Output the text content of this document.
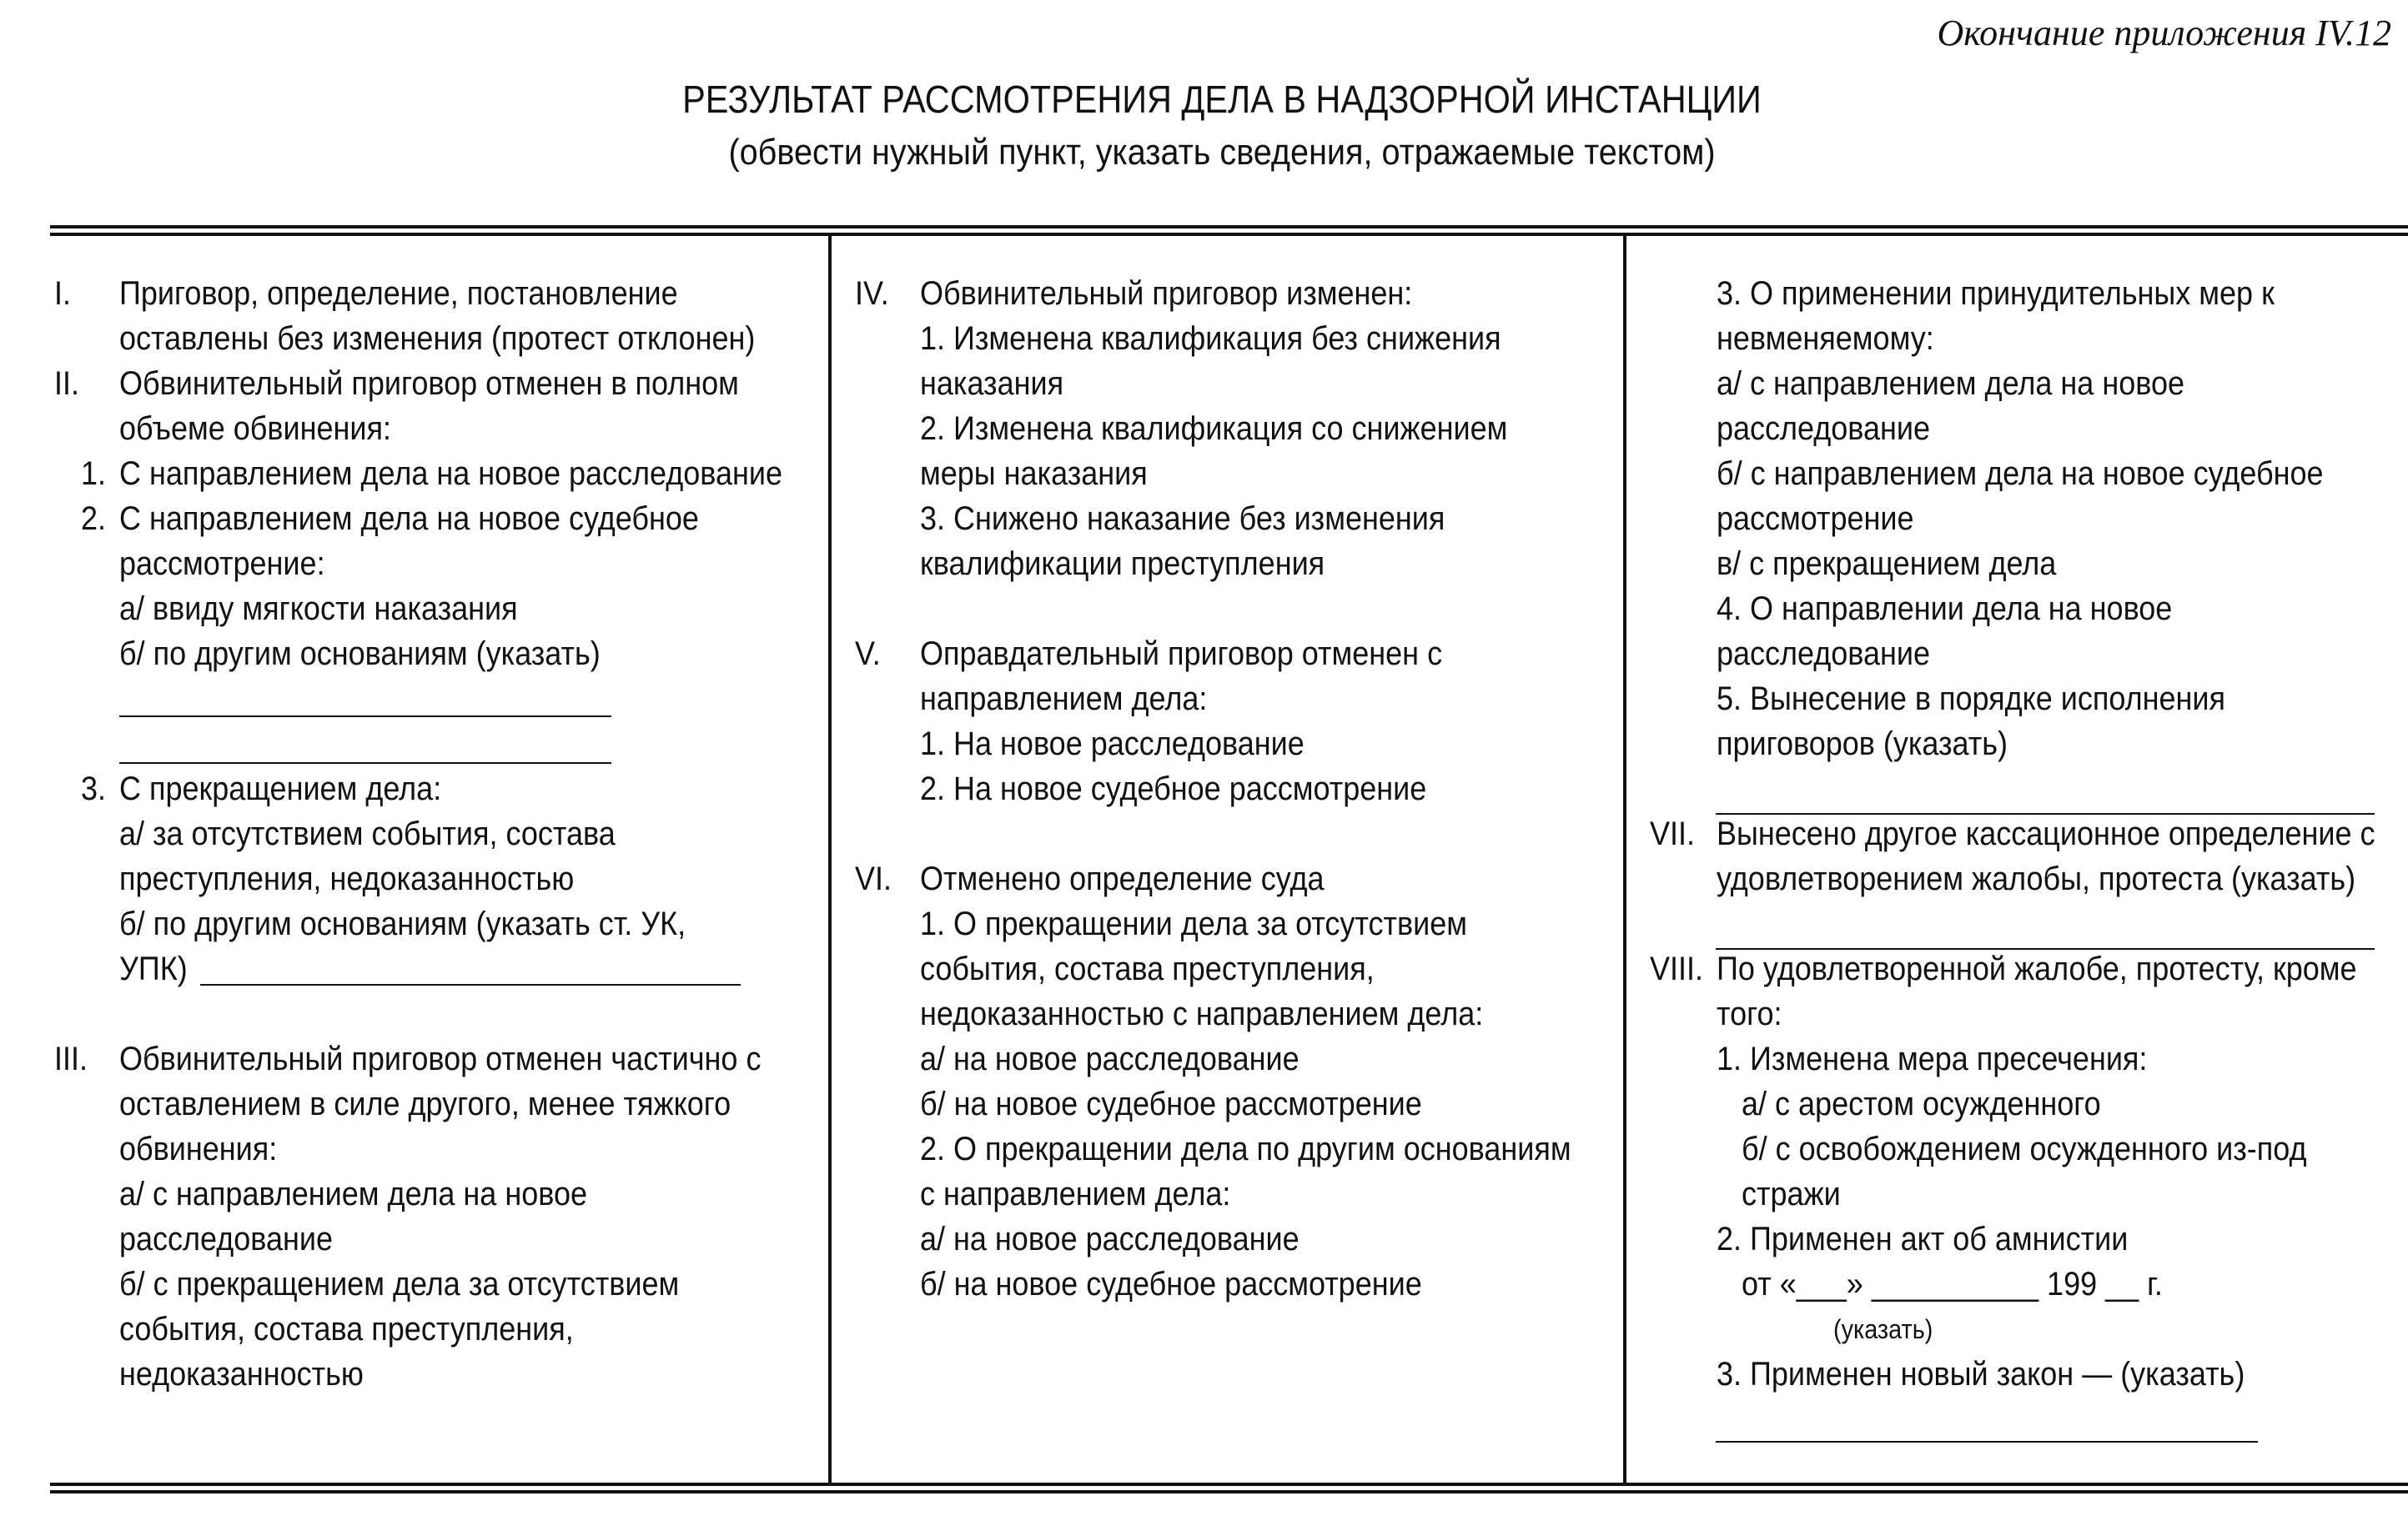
Окончание приложения IV.12
РЕЗУЛЬТАТ РАССМОТРЕНИЯ ДЕЛА В НАДЗОРНОЙ ИНСТАНЦИИ
(обвести нужный пункт, указать сведения, отражаемые текстом)
I. Приговор, определение, постановление
оставлены без изменения (протест отклонен)
II. Обвинительный приговор отменен в полном
объеме обвинения:
1. С направлением дела на новое расследование
2. С направлением дела на новое судебное
рассмотрение:
а/ ввиду мягкости наказания
б/ по другим основаниям (указать)
3. С прекращением дела:
а/ за отсутствием события, состава
преступления, недоказанностью
б/ по другим основаниям (указать ст. УК,
УПК)
III. Обвинительный приговор отменен частично с
оставлением в силе другого, менее тяжкого
обвинения:
а/ с направлением дела на новое
расследование
б/ с прекращением дела за отсутствием
события, состава преступления,
недоказанностью
IV. Обвинительный приговор изменен:
1. Изменена квалификация без снижения
наказания
2. Изменена квалификация со снижением
меры наказания
3. Снижено наказание без изменения
квалификации преступления
V. Оправдательный приговор отменен с
направлением дела:
1. На новое расследование
2. На новое судебное рассмотрение
VI. Отменено определение суда
1. О прекращении дела за отсутствием
события, состава преступления,
недоказанностью с направлением дела:
а/ на новое расследование
б/ на новое судебное рассмотрение
2. О прекращении дела по другим основаниям
с направлением дела:
а/ на новое расследование
б/ на новое судебное рассмотрение
3. О применении принудительных мер к
невменяемому:
а/ с направлением дела на новое
расследование
б/ с направлением дела на новое судебное
рассмотрение
в/ с прекращением дела
4. О направлении дела на новое
расследование
5. Вынесение в порядке исполнения
приговоров (указать)
VII. Вынесено другое кассационное определение с
удовлетворением жалобы, протеста (указать)
VIII. По удовлетворенной жалобе, протесту, кроме
того:
1. Изменена мера пресечения:
а/ с арестом осужденного
б/ с освобождением осужденного из-под
стражи
2. Применен акт об амнистии
от «___» __________ 199 __ г.
(указать)
3. Применен новый закон — (указать)
